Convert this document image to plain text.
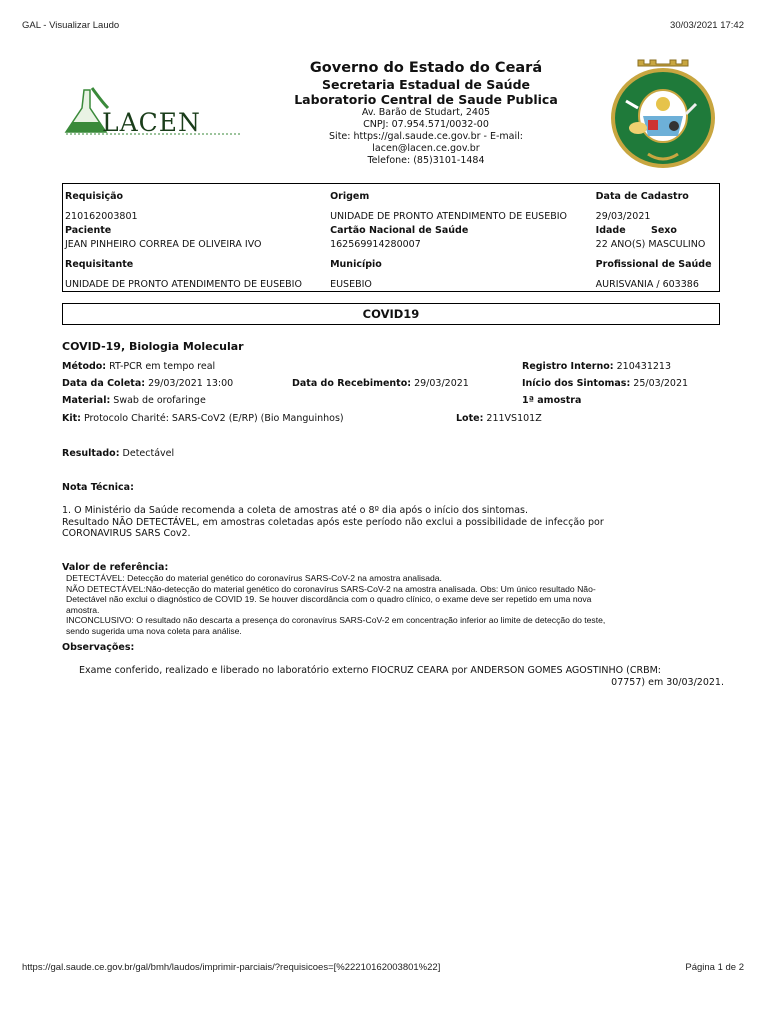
GAL - Visualizar Laudo	30/03/2021 17:42
LACEN
Governo do Estado do Ceará
Secretaria Estadual de Saúde
Laboratorio Central de Saude Publica
Av. Barão de Studart, 2405
CNPJ: 07.954.571/0032-00
Site: https://gal.saude.ce.gov.br - E-mail:
lacen@lacen.ce.gov.br
Telefone: (85)3101-1484
Requisição	Origem	Data de Cadastro
210162003801	UNIDADE DE PRONTO ATENDIMENTO DE EUSEBIO	29/03/2021
Paciente	Cartão Nacional de Saúde	Idade Sexo
JEAN PINHEIRO CORREA DE OLIVEIRA IVO	162569914280007	22 ANO(S) MASCULINO
Requisitante	Município	Profissional de Saúde
UNIDADE DE PRONTO ATENDIMENTO DE EUSEBIO	EUSEBIO	AURISVANIA / 603386
COVID19
COVID-19, Biologia Molecular
Método: RT-PCR em tempo real	Registro Interno: 210431213
Data da Coleta: 29/03/2021 13:00	Data do Recebimento: 29/03/2021	Início dos Sintomas: 25/03/2021
Material: Swab de orofaringe	1ª amostra
Kit: Protocolo Charité: SARS-CoV2 (E/RP) (Bio Manguinhos)	Lote: 211VS101Z
Resultado: Detectável
Nota Técnica:
1. O Ministério da Saúde recomenda a coleta de amostras até o 8º dia após o início dos sintomas.
Resultado NÃO DETECTÁVEL, em amostras coletadas após este período não exclui a possibilidade de infecção por
CORONAVIRUS SARS Cov2.
Valor de referência:
DETECTÁVEL: Detecção do material genético do coronavírus SARS-CoV-2 na amostra analisada.
NÃO DETECTÁVEL:Não-detecção do material genético do coronavírus SARS-CoV-2 na amostra analisada. Obs: Um único resultado Não-
Detectável não exclui o diagnóstico de COVID 19. Se houver discordância com o quadro clínico, o exame deve ser repetido em uma nova
amostra.
INCONCLUSIVO: O resultado não descarta a presença do coronavírus SARS-CoV-2 em concentração inferior ao limite de detecção do teste,
sendo sugerida uma nova coleta para análise.
Observações:
Exame conferido, realizado e liberado no laboratório externo FIOCRUZ CEARA por ANDERSON GOMES AGOSTINHO (CRBM:
07757) em 30/03/2021.
https://gal.saude.ce.gov.br/gal/bmh/laudos/imprimir-parciais/?requisicoes=[%22210162003801%22]	Página 1 de 2
